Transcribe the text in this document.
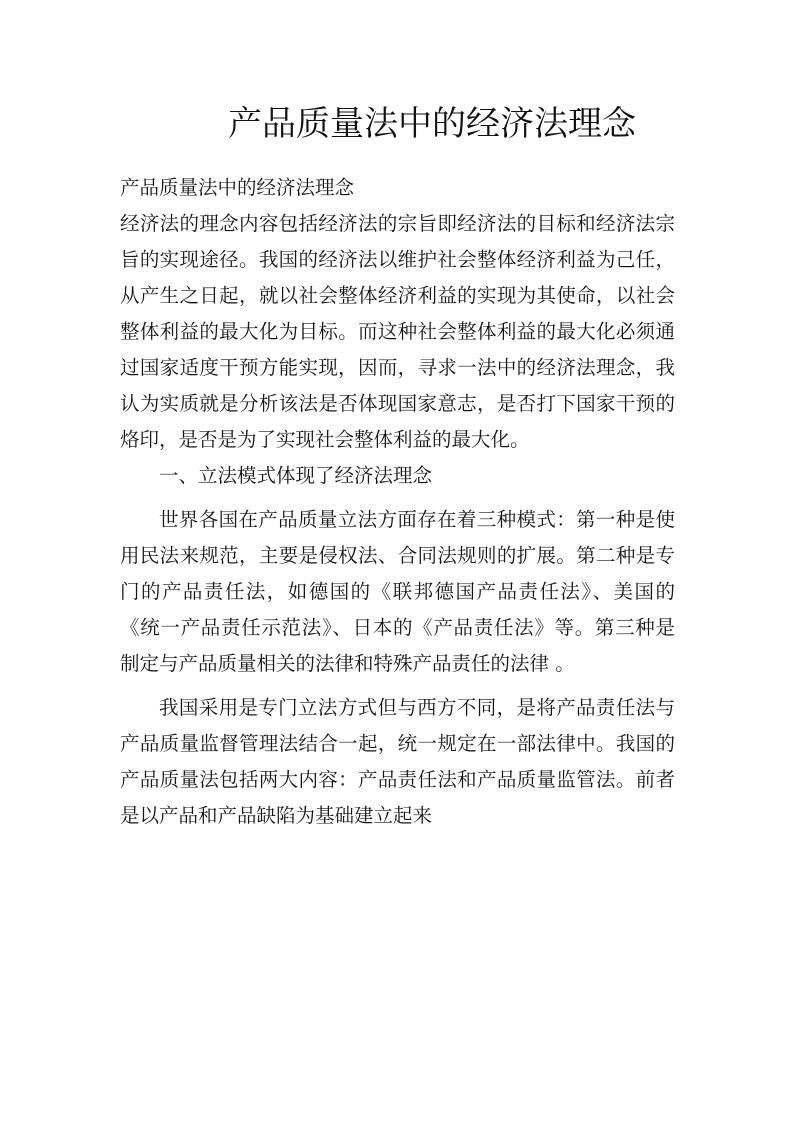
产品质量法中的经济法理念

产品质量法中的经济法理念

经济法的理念内容包括经济法的宗旨即经济法的目标和经济法宗旨的实现途径。我国的经济法以维护社会整体经济利益为己任，从产生之日起，就以社会整体经济利益的实现为其使命，以社会整体利益的最大化为目标。而这种社会整体利益的最大化必须通过国家适度干预方能实现，因而，寻求一法中的经济法理念，我认为实质就是分析该法是否体现国家意志，是否打下国家干预的烙印，是否是为了实现社会整体利益的最大化。

一、立法模式体现了经济法理念

世界各国在产品质量立法方面存在着三种模式：第一种是使用民法来规范，主要是侵权法、合同法规则的扩展。第二种是专门的产品责任法，如德国的《联邦德国产品责任法》、美国的《统一产品责任示范法》、日本的《产品责任法》等。第三种是制定与产品质量相关的法律和特殊产品责任的法律 。

我国采用是专门立法方式但与西方不同，是将产品责任法与产品质量监督管理法结合一起，统一规定在一部法律中。我国的产品质量法包括两大内容：产品责任法和产品质量监管法。前者是以产品和产品缺陷为基础建立起来
